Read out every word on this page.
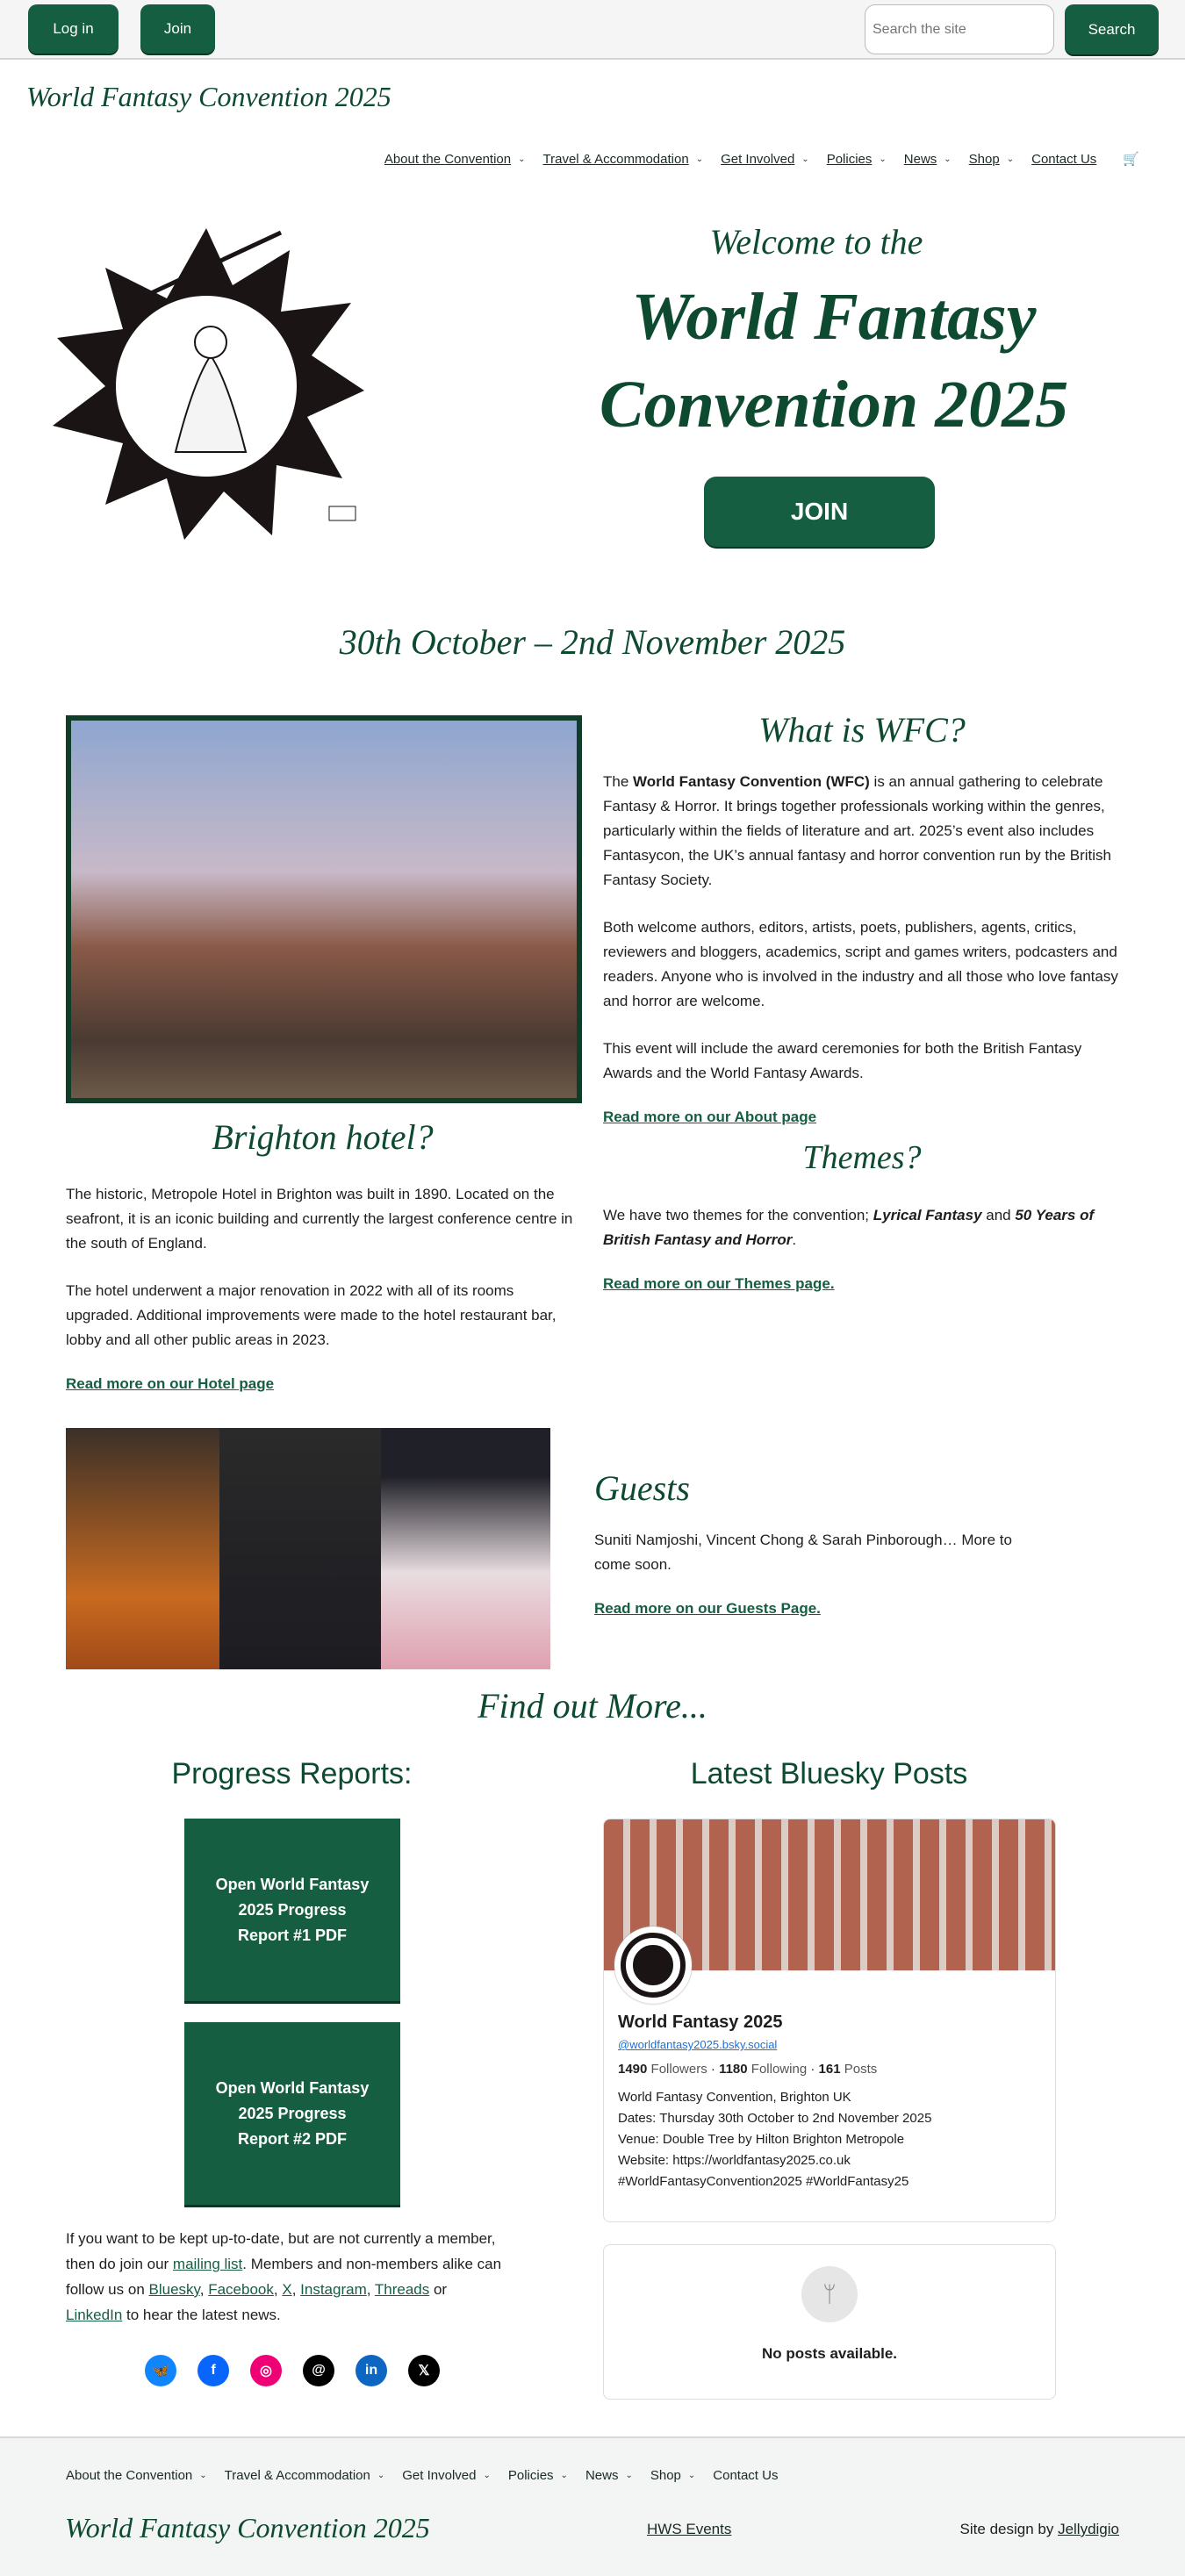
Log in	Join
Search the site	Search
World Fantasy Convention 2025
About the Convention ⌄ Travel & Accommodation ⌄ Get Involved ⌄ Policies ⌄ News ⌄ Shop ⌄ Contact Us 🛒
Welcome to the
World Fantasy
Convention 2025
JOIN
30th October – 2nd November 2025
What is WFC?

The World Fantasy Convention (WFC) is an annual gathering to celebrate Fantasy & Horror. It brings together professionals working within the genres, particularly within the fields of literature and art. 2025’s event also includes Fantasycon, the UK’s annual fantasy and horror convention run by the British Fantasy Society.

Both welcome authors, editors, artists, poets, publishers, agents, critics, reviewers and bloggers, academics, script and games writers, podcasters and readers. Anyone who is involved in the industry and all those who love fantasy and horror are welcome.

This event will include the award ceremonies for both the British Fantasy Awards and the World Fantasy Awards.

Read more on our About page
Themes?

We have two themes for the convention; Lyrical Fantasy and 50 Years of British Fantasy and Horror.

Read more on our Themes page.
Brighton hotel?

The historic, Metropole Hotel in Brighton was built in 1890. Located on the seafront, it is an iconic building and currently the largest conference centre in the south of England.

The hotel underwent a major renovation in 2022 with all of its rooms upgraded. Additional improvements were made to the hotel restaurant bar, lobby and all other public areas in 2023.

Read more on our Hotel page
Guests

Suniti Namjoshi, Vincent Chong & Sarah Pinborough… More to come soon.

Read more on our Guests Page.
Find out More...
Progress Reports:
Open World Fantasy 2025 Progress Report #1 PDF
Open World Fantasy 2025 Progress Report #2 PDF

If you want to be kept up-to-date, but are not currently a member, then do join our mailing list. Members and non-members alike can follow us on Bluesky, Facebook, X, Instagram, Threads or LinkedIn to hear the latest news.

🦋	f	◎	@	in	𝕏
Latest Bluesky Posts
World Fantasy 2025
@worldfantasy2025.bsky.social
1490 Followers · 1180 Following · 161 Posts
World Fantasy Convention, Brighton UK
Dates: Thursday 30th October to 2nd November 2025
Venue: Double Tree by Hilton Brighton Metropole
Website: https://worldfantasy2025.co.uk
#WorldFantasyConvention2025 #WorldFantasy25
ᛘ
No posts available.
About the Convention ⌄ Travel & Accommodation ⌄ Get Involved ⌄ Policies ⌄ News ⌄ Shop ⌄ Contact Us
World Fantasy Convention 2025	HWS Events	Site design by Jellydigio
